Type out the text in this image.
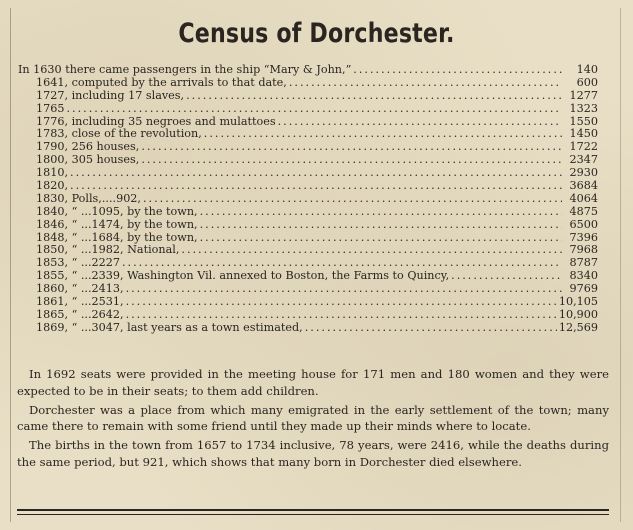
Census of Dorchester.
In 1630 there came passengers in the ship “Mary & John,” .....	140
1641, computed by the arrivals to that date, .....	600
1727, including 17 slaves, .....	1277
1765 .....	1323
1776, including 35 negroes and mulattoes .....	1550
1783, close of the revolution, .....	1450
1790, 256 houses, .....	1722
1800, 305 houses, .....	2347
1810, .....	2930
1820, .....	3684
1830, Polls,....902, .....	4064
1840, “ ...1095, by the town, .....	4875
1846, “ ...1474, by the town, .....	6500
1848, “ ...1684, by the town, .....	7396
1850, “ ...1982, National, .....	7968
1853, “ ...2227 .....	8787
1855, “ ...2339, Washington Vil. annexed to Boston, the Farms to Quincy, .....	8340
1860, “ ...2413, .....	9769
1861, “ ...2531, .....	10,105
1865, “ ...2642, .....	10,900
1869, “ ...3047, last years as a town estimated, .....	12,569

In 1692 seats were provided in the meeting house for 171 men and 180 women and they were expected to be in their seats; to them add children.

Dorchester was a place from which many emigrated in the early settlement of the town; many came there to remain with some friend until they made up their minds where to locate.

The births in the town from 1657 to 1734 inclusive, 78 years, were 2416, while the deaths during the same period, but 921, which shows that many born in Dorchester died elsewhere.
